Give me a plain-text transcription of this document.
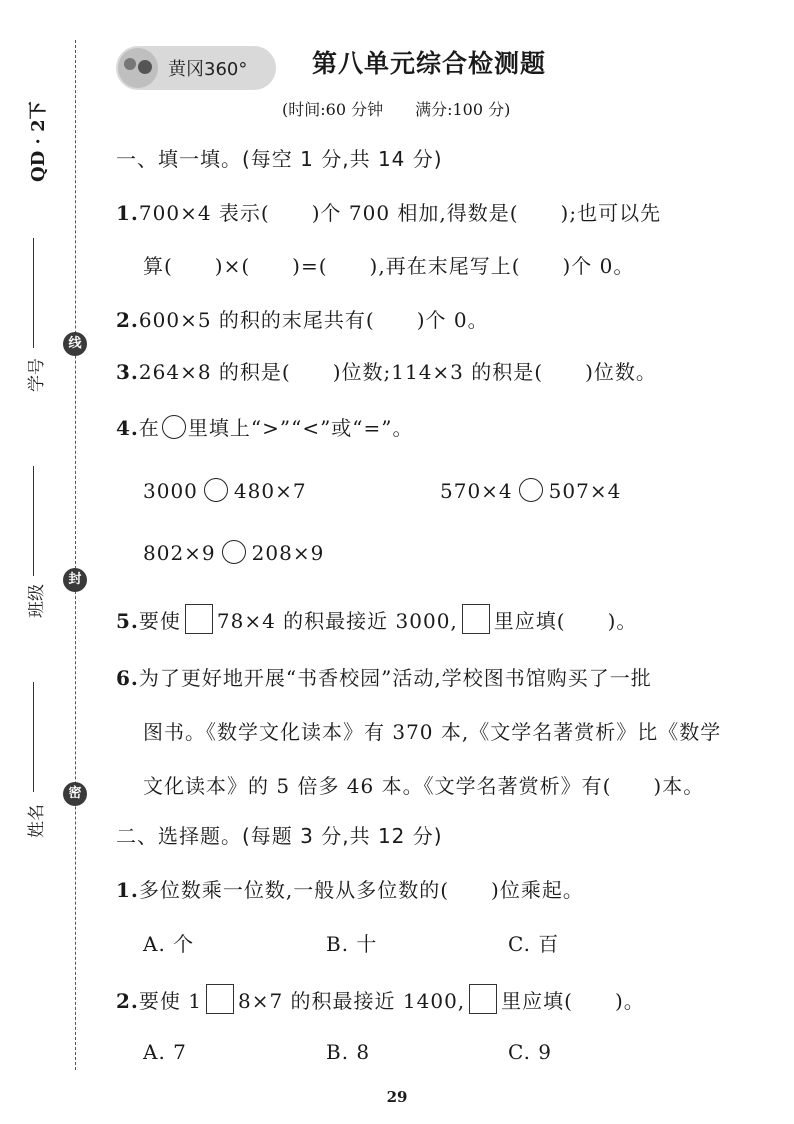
QD · 2下
学号
班级
姓名
线
封
密
黄冈360°	第八单元综合检测题
(时间:60 分钟　　满分:100 分)
一、填一填。(每空 1 分,共 14 分)
1.700×4 表示(　　)个 700 相加,得数是(　　);也可以先
算(　　)×(　　)=(　　),再在末尾写上(　　)个 0。
2.600×5 的积的末尾共有(　　)个 0。
3.264×8 的积是(　　)位数;114×3 的积是(　　)位数。
4.在 里填上“>”“<”或“=”。
3000 480×7	570×4 507×4
802×9 208×9
5.要使 78×4 的积最接近 3000, 里应填(　　)。
6.为了更好地开展“书香校园”活动,学校图书馆购买了一批
图书。《数学文化读本》有 370 本,《文学名著赏析》比《数学
文化读本》的 5 倍多 46 本。《文学名著赏析》有(　　)本。
二、选择题。(每题 3 分,共 12 分)
1.多位数乘一位数,一般从多位数的(　　)位乘起。
A. 个	B. 十	C. 百
2.要使 1 8×7 的积最接近 1400, 里应填(　　)。
A. 7	B. 8	C. 9
29
